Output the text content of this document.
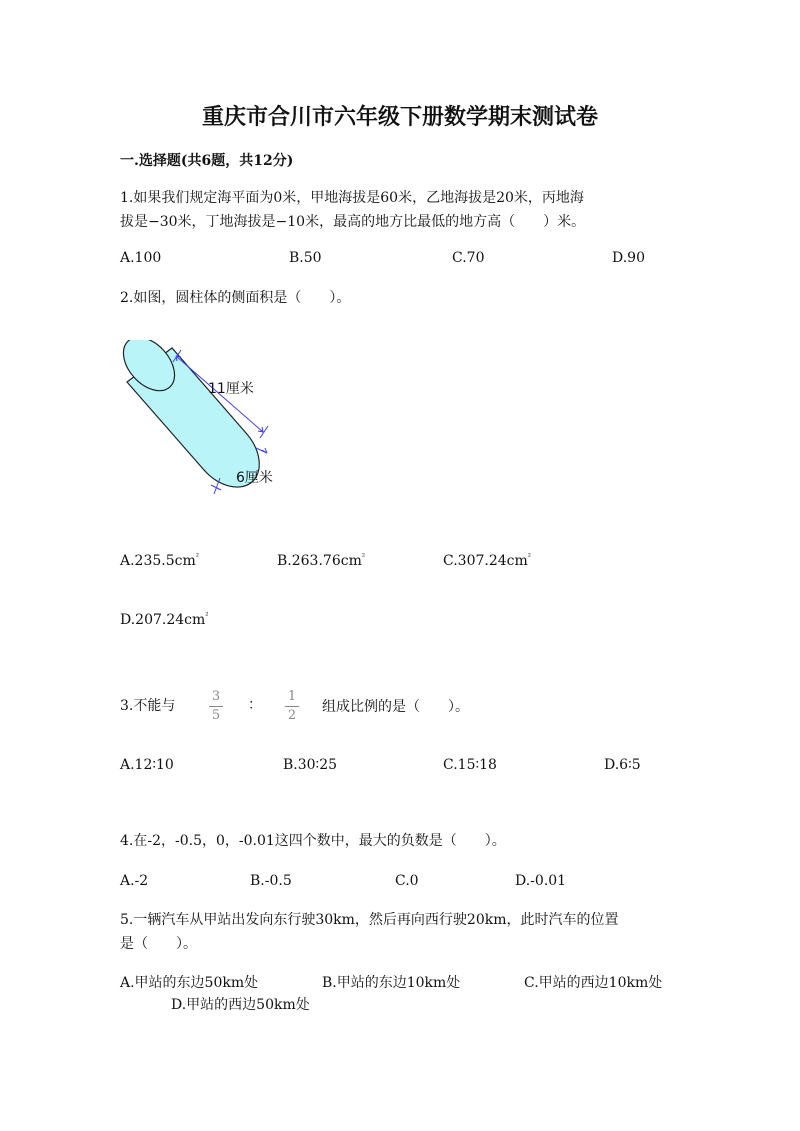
重庆市合川市六年级下册数学期末测试卷
一.选择题(共6题，共12分)
1.如果我们规定海平面为0米，甲地海拔是60米，乙地海拔是20米，丙地海
拔是−30米，丁地海拔是−10米，最高的地方比最低的地方高（　　）米。
A.100	B.50	C.70	D.90
2.如图，圆柱体的侧面积是（　　）。
11厘米
6厘米
$A.235.5cm^{^2}$	$B.263.76cm^{^2}$	$C.307.24cm^{^2}$
$D.207.24cm^{^2}$
3.不能与
3
5
：
1
2
组成比例的是（　　）。
A.12∶10	B.30∶25	C.15∶18	D.6∶5
4.在-2，-0.5，0，-0.01这四个数中，最大的负数是（　　）。
A.-2	B.-0.5	C.0	D.-0.01
5.一辆汽车从甲站出发向东行驶30km，然后再向西行驶20km，此时汽车的位置
是（　　）。
A.甲站的东边50km处	B.甲站的东边10km处	C.甲站的西边10km处
D.甲站的西边50km处
